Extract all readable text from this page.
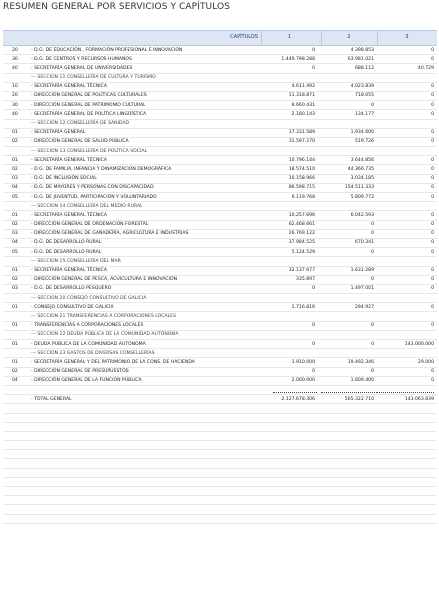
RESUMEN GENERAL POR SERVICIOS Y CAPÍTULOS
CAPÍTULOS	1	2	3
20	- D.G. DE EDUCACIÓN , FORMACIÓN PROFESIONAL E INNOVACIÓN	0	4.398.853	0
30	- D.G. DE CENTROS Y RECURSOS HUMANOS	1.449.798.288	63.981.021	0
40	- SECRETARÍA GENERAL DE UNIVERSIDADES	0	688.112	40.729
--- SECCION 11 CONSELLERÍA DE CULTURA Y TURISMO
10	- SECRETARÍA GENERAL TÉCNICA	4.611.492	4.023.839	0
20	- DIRECCIÓN GENERAL DE POLÍTICAS CULTURALES	11.318.871	718.055	0
30	- DIRECCIÓN GENERAL DE PATRIMONIO CULTURAL	8.660.431	0	0
40	- SECRETARÍA GENERAL DE POLÍTICA LINGÜÍSTICA	2.180.143	134.177	0
--- SECCION 12 CONSELLERÍA DE SANIDAD
01	- SECRETARÍA GENERAL	17.331.589	1.934.600	0
02	- DIRECCIÓN GENERAL DE SALUD PÚBLICA	31.597.270	519.726	0
--- SECCION 13 CONSELLERÍA DE POLÍTICA SOCIAL
01	- SECRETARÍA GENERAL TÉCNICA	10.796.144	3.644.856	0
02	- D.G. DE FAMILIA, INFANCIA Y DINAMIZACIÓN DEMOGRÁFICA	18.574.510	44.366.735	0
03	- D.G. DE INCLUSIÓN SOCIAL	10.158.966	3.034.185	0
04	- D.G. DE MAYORES Y PERSONAS CON DISCAPACIDAD	86.598.715	154.511.333	0
05	- D.G. DE JUVENTUD, PARTICIPACIÓN Y VOLUNTARIADO	6.119.768	5.809.772	0
--- SECCION 14 CONSELLERÍA DEL MEDIO RURAL
01	- SECRETARÍA GENERAL TÉCNICA	10.257.696	6.042.593	0
02	- DIRECCIÓN GENERAL DE ORDENACIÓN FORESTAL	62.468.661	0	0
03	- DIRECCIÓN GENERAL DE GANADERÍA, AGRICULTURA E INDUSTRIAS	26.769.122	0	0
04	- D.G. DE DESARROLLO RURAL	37.984.525	670.341	0
05	- D.G. DE DESARROLLO RURAL	5.124.529	0	0
--- SECCION 15 CONSELLERÍA DEL MAR
01	- SECRETARÍA GENERAL TÉCNICA	32.137.677	1.631.289	0
02	- DIRECCIÓN GENERAL DE PESCA, ACUICULTURA E INNOVACIÓN	335.897	0	0
03	- D.G. DE DESARROLLO PESQUERO	0	1.497.001	0
--- SECCION 20 CONSEJO CONSULTIVO DE GALICIA
01	- CONSEJO CONSULTIVO DE GALICIA	1.716.816	294.927	0
--- SECCION 21 TRANSFERENCIAS A CORPORACIONES LOCALES
01	- TRANSFERENCIAS A CORPORACIONES LOCALES	0	0	0
--- SECCION 22 DEUDA PÚBLICA DE LA COMUNIDAD AUTÓNOMA
01	- DEUDA PÚBLICA DE LA COMUNIDAD AUTÓNOMA	0	0	143.000.000
--- SECCION 23 GASTOS DE DIVERSAS CONSELLERÍAS
01	- SECRETARÍA GENERAL Y DEL PATRIMONIO DE LA CONS. DE HACIENDA	1.910.000	19.492.346	29.000
02	- DIRECCIÓN GENERAL DE PRESUPUESTOS	0	0	0
04	- DIRECCIÓN GENERAL DE LA FUNCIÓN PÚBLICA	2.000.000	1.609.400	0
- TOTAL GENERAL	2.127.678.306	565.322.710	143.063.839
